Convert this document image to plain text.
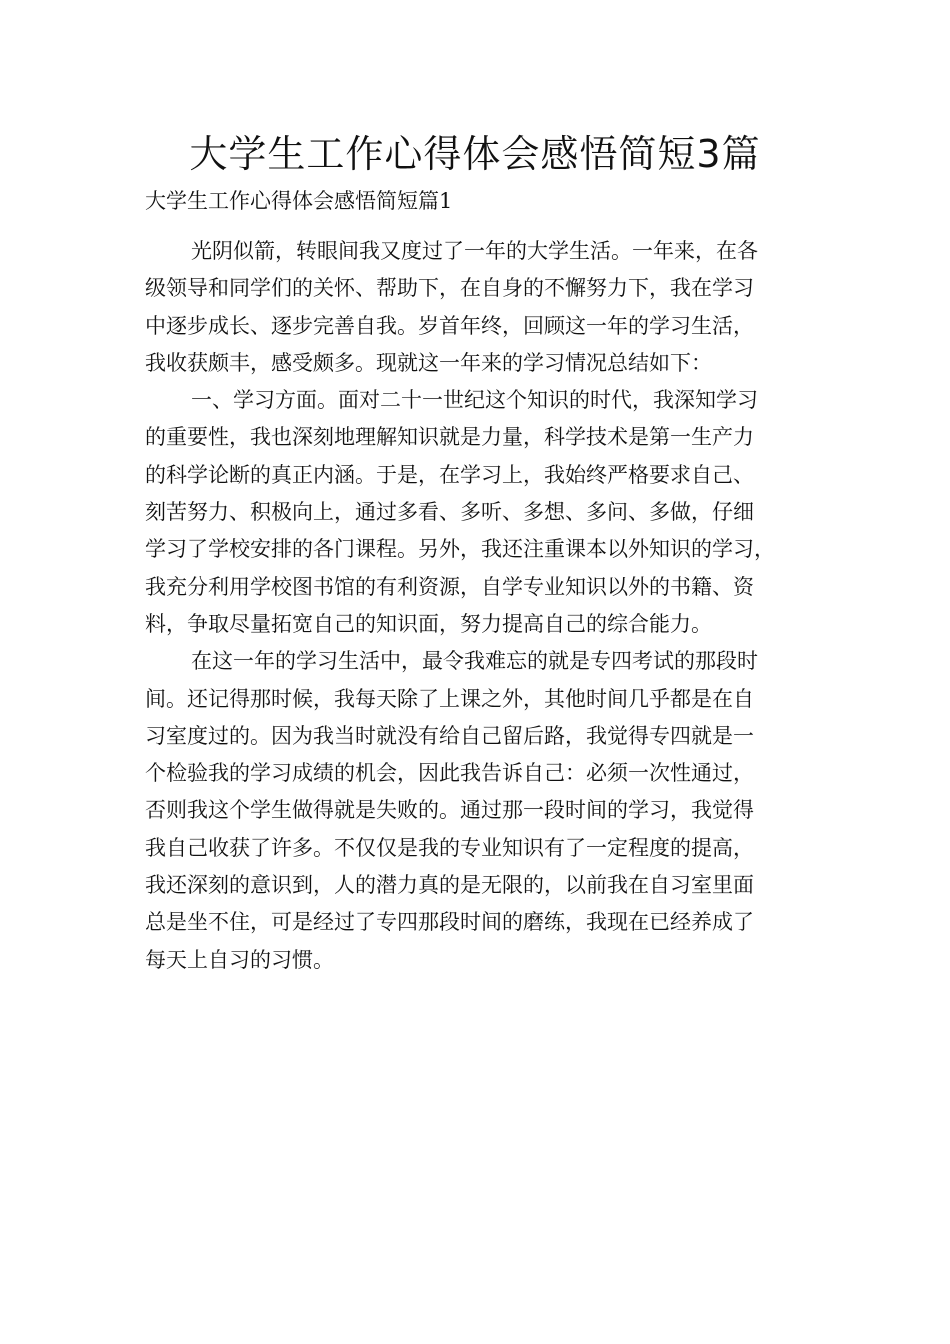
大学生工作心得体会感悟简短3篇

大学生工作心得体会感悟简短篇1

光阴似箭，转眼间我又度过了一年的大学生活。一年来，在各
级领导和同学们的关怀、帮助下，在自身的不懈努力下，我在学习
中逐步成长、逐步完善自我。岁首年终，回顾这一年的学习生活，
我收获颇丰，感受颇多。现就这一年来的学习情况总结如下：

一、学习方面。面对二十一世纪这个知识的时代，我深知学习
的重要性，我也深刻地理解知识就是力量，科学技术是第一生产力
的科学论断的真正内涵。于是，在学习上，我始终严格要求自己、
刻苦努力、积极向上，通过多看、多听、多想、多问、多做，仔细
学习了学校安排的各门课程。另外，我还注重课本以外知识的学习，
我充分利用学校图书馆的有利资源，自学专业知识以外的书籍、资
料，争取尽量拓宽自己的知识面，努力提高自己的综合能力。

在这一年的学习生活中，最令我难忘的就是专四考试的那段时
间。还记得那时候，我每天除了上课之外，其他时间几乎都是在自
习室度过的。因为我当时就没有给自己留后路，我觉得专四就是一
个检验我的学习成绩的机会，因此我告诉自己：必须一次性通过，
否则我这个学生做得就是失败的。通过那一段时间的学习，我觉得
我自己收获了许多。不仅仅是我的专业知识有了一定程度的提高，
我还深刻的意识到，人的潜力真的是无限的，以前我在自习室里面
总是坐不住，可是经过了专四那段时间的磨练，我现在已经养成了
每天上自习的习惯。
